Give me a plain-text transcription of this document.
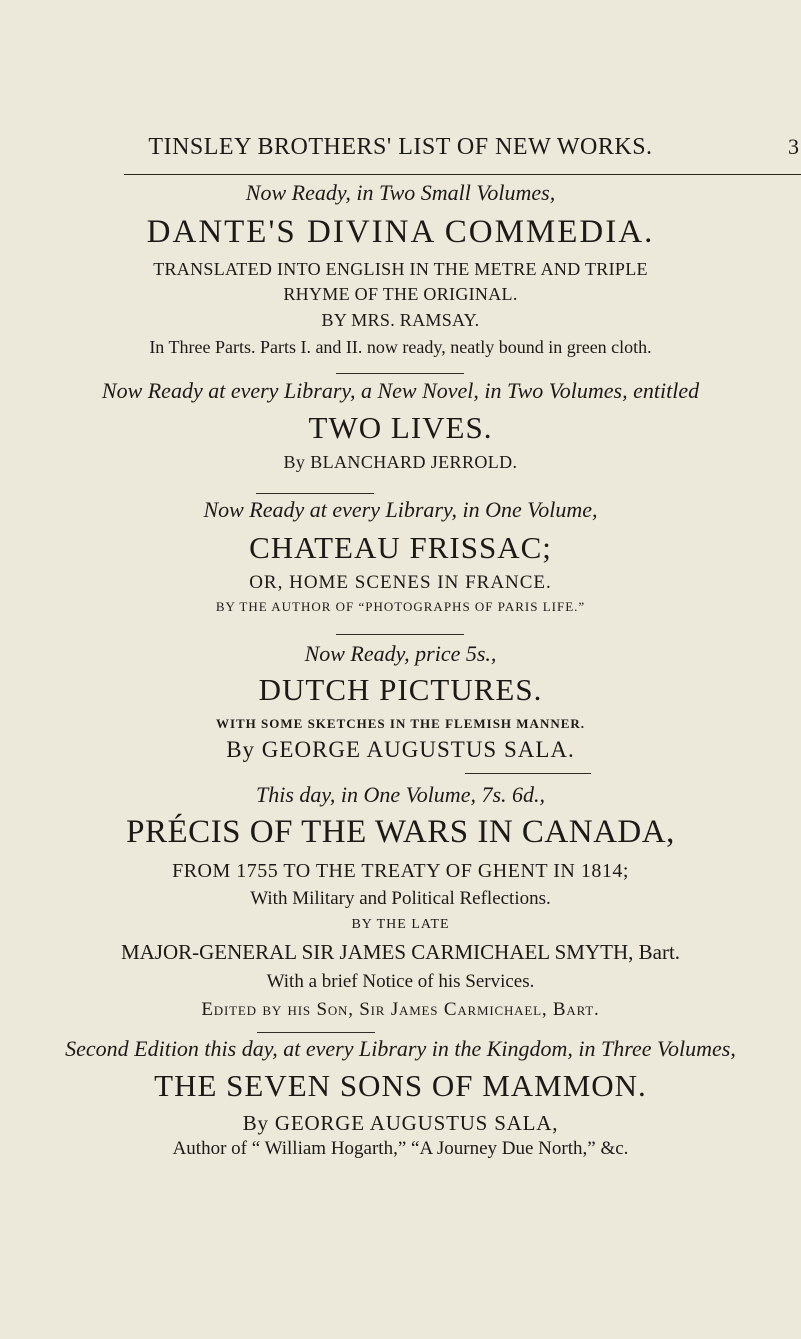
TINSLEY BROTHERS' LIST OF NEW WORKS.	3
Now Ready, in Two Small Volumes,
DANTE'S DIVINA COMMEDIA.
TRANSLATED INTO ENGLISH IN THE METRE AND TRIPLE
RHYME OF THE ORIGINAL.
BY MRS. RAMSAY.
In Three Parts. Parts I. and II. now ready, neatly bound in green cloth.
Now Ready at every Library, a New Novel, in Two Volumes, entitled
TWO LIVES.
By BLANCHARD JERROLD.
Now Ready at every Library, in One Volume,
CHATEAU FRISSAC;
OR, HOME SCENES IN FRANCE.
BY THE AUTHOR OF “PHOTOGRAPHS OF PARIS LIFE.”
Now Ready, price 5s.,
DUTCH PICTURES.
WITH SOME SKETCHES IN THE FLEMISH MANNER.
By GEORGE AUGUSTUS SALA.
This day, in One Volume, 7s. 6d.,
PRÉCIS OF THE WARS IN CANADA,
FROM 1755 TO THE TREATY OF GHENT IN 1814;
With Military and Political Reflections.
BY THE LATE
MAJOR-GENERAL SIR JAMES CARMICHAEL SMYTH, Bart.
With a brief Notice of his Services.
Edited by his Son, Sir James Carmichael, Bart.
Second Edition this day, at every Library in the Kingdom, in Three Volumes,
THE SEVEN SONS OF MAMMON.
By GEORGE AUGUSTUS SALA,
Author of “ William Hogarth,” “A Journey Due North,” &c.
